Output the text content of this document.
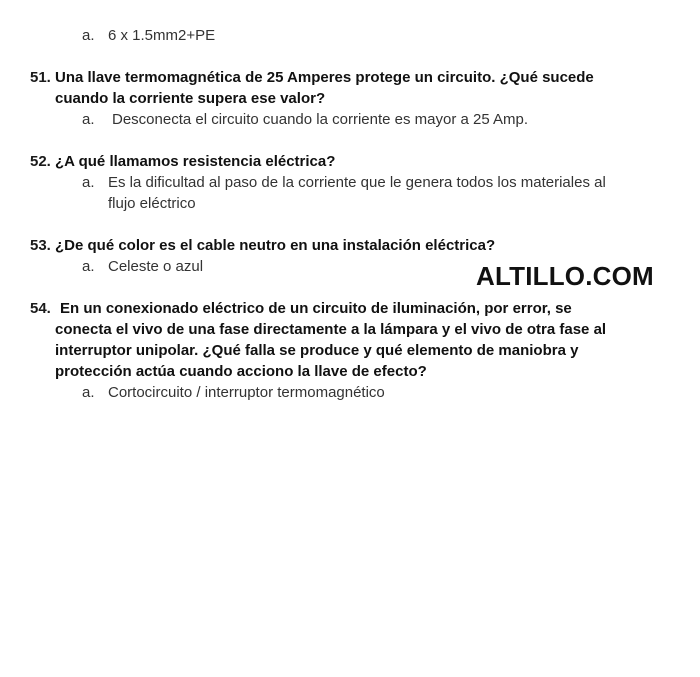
a. 6 x 1.5mm2+PE
51. Una llave termomagnética de 25 Amperes protege un circuito. ¿Qué sucede
cuando la corriente supera ese valor?
a. Desconecta el circuito cuando la corriente es mayor a 25 Amp.
52. ¿A qué llamamos resistencia eléctrica?
a. Es la dificultad al paso de la corriente que le genera todos los materiales al
flujo eléctrico
53. ¿De qué color es el cable neutro en una instalación eléctrica?
a. Celeste o azul	ALTILLO.COM
54. En un conexionado eléctrico de un circuito de iluminación, por error, se
conecta el vivo de una fase directamente a la lámpara y el vivo de otra fase al
interruptor unipolar. ¿Qué falla se produce y qué elemento de maniobra y
protección actúa cuando acciono la llave de efecto?
a. Cortocircuito / interruptor termomagnético
